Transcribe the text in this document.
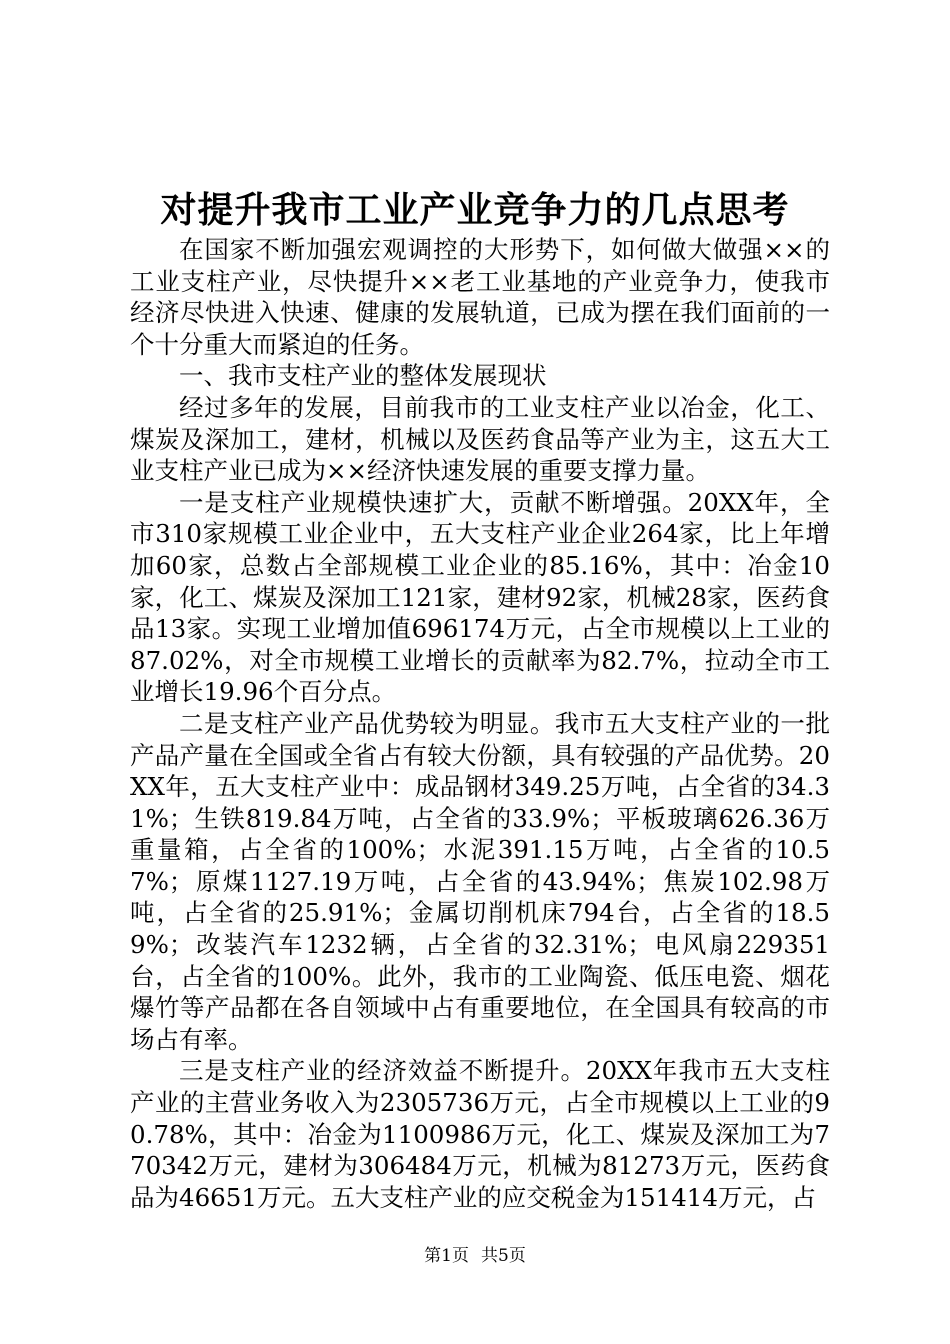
对提升我市工业产业竞争力的几点思考

在国家不断加强宏观调控的大形势下，如何做大做强××的工业支柱产业，尽快提升××老工业基地的产业竞争力，使我市经济尽快进入快速、健康的发展轨道，已成为摆在我们面前的一个十分重大而紧迫的任务。

一、我市支柱产业的整体发展现状

经过多年的发展，目前我市的工业支柱产业以冶金，化工、煤炭及深加工，建材，机械以及医药食品等产业为主，这五大工业支柱产业已成为××经济快速发展的重要支撑力量。

一是支柱产业规模快速扩大，贡献不断增强。20XX年，全市310家规模工业企业中，五大支柱产业企业264家，比上年增加60家，总数占全部规模工业企业的85.16%，其中：冶金10家，化工、煤炭及深加工121家，建材92家，机械28家，医药食品13家。实现工业增加值696174万元，占全市规模以上工业的87.02%，对全市规模工业增长的贡献率为82.7%，拉动全市工业增长19.96个百分点。

二是支柱产业产品优势较为明显。我市五大支柱产业的一批产品产量在全国或全省占有较大份额，具有较强的产品优势。20XX年，五大支柱产业中：成品钢材349.25万吨，占全省的34.31%；生铁819.84万吨，占全省的33.9%；平板玻璃626.36万重量箱，占全省的100%；水泥391.15万吨，占全省的10.57%；原煤1127.19万吨，占全省的43.94%；焦炭102.98万吨，占全省的25.91%；金属切削机床794台，占全省的18.59%；改装汽车1232辆，占全省的32.31%；电风扇229351台，占全省的100%。此外，我市的工业陶瓷、低压电瓷、烟花爆竹等产品都在各自领域中占有重要地位，在全国具有较高的市场占有率。

三是支柱产业的经济效益不断提升。20XX年我市五大支柱产业的主营业务收入为2305736万元，占全市规模以上工业的90.78%，其中：冶金为1100986万元，化工、煤炭及深加工为770342万元，建材为306484万元，机械为81273万元，医药食品为46651万元。五大支柱产业的应交税金为151414万元，占

第1页 共5页
